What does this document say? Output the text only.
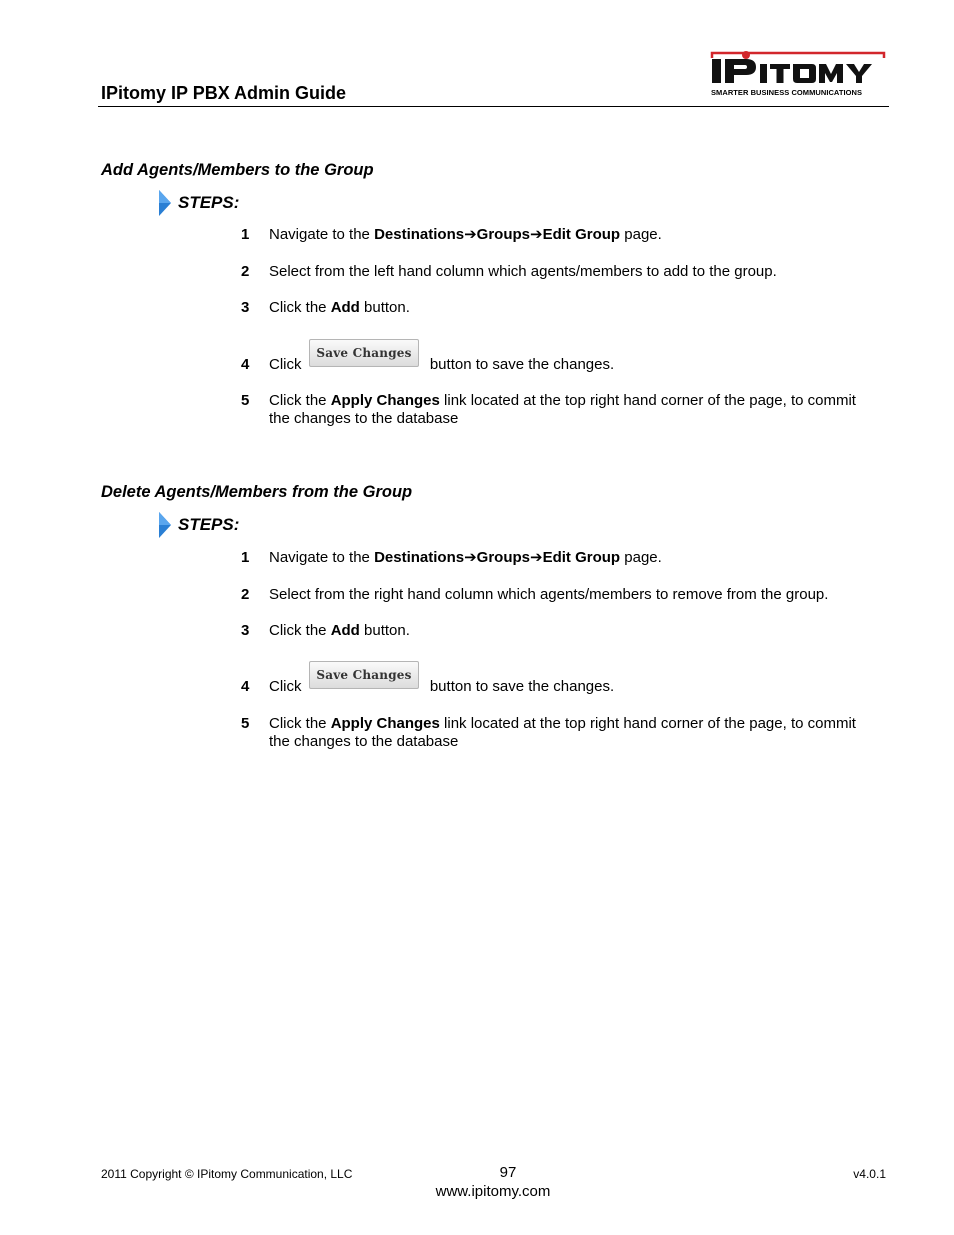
IPitomy IP PBX Admin Guide	SMARTER BUSINESS COMMUNICATIONS
Add Agents/Members to the Group
STEPS:
1 Navigate to the Destinations➔Groups➔Edit Group page.
2 Select from the left hand column which agents/members to add to the group.
3 Click the Add button.
4 Click	button to save the changes.
Save Changes
5 Click the Apply Changes link located at the top right hand corner of the page, to commit the changes to the database
Delete Agents/Members from the Group
STEPS:
1 Navigate to the Destinations➔Groups➔Edit Group page.
2 Select from the right hand column which agents/members to remove from the group.
3 Click the Add button.
4 Click	button to save the changes.
Save Changes
5 Click the Apply Changes link located at the top right hand corner of the page, to commit the changes to the database
2011 Copyright © IPitomy Communication, LLC	97
www.ipitomy.com
v4.0.1
